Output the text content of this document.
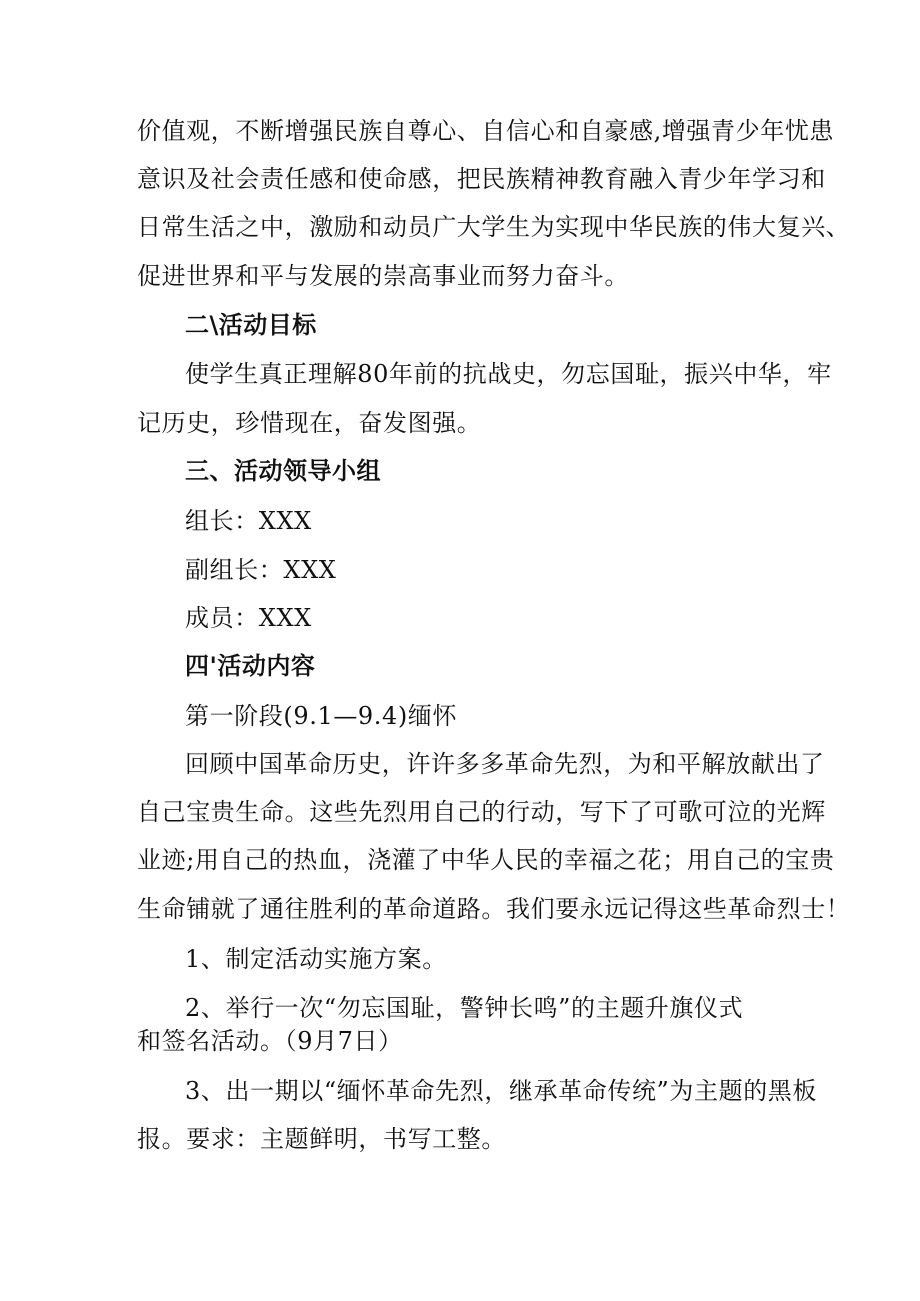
价值观，不断增强民族自尊心、自信心和自豪感,增强青少年忧患
意识及社会责任感和使命感，把民族精神教育融入青少年学习和
日常生活之中，激励和动员广大学生为实现中华民族的伟大复兴、
促进世界和平与发展的崇高事业而努力奋斗。
二\活动目标
使学生真正理解80年前的抗战史，勿忘国耻，振兴中华，牢
记历史，珍惜现在，奋发图强。
三、活动领导小组
组长：XXX
副组长：XXX
成员：XXX
四'活动内容
第一阶段(9.1—9.4)缅怀
回顾中国革命历史，许许多多革命先烈，为和平解放献出了
自己宝贵生命。这些先烈用自己的行动，写下了可歌可泣的光辉
业迹;用自己的热血，浇灌了中华人民的幸福之花；用自己的宝贵
生命铺就了通往胜利的革命道路。我们要永远记得这些革命烈士！
1、制定活动实施方案。
2、举行一次“勿忘国耻，警钟长鸣”的主题升旗仪式
和签名活动。（9月7日）
3、出一期以“缅怀革命先烈，继承革命传统”为主题的黑板
报。要求：主题鲜明，书写工整。
